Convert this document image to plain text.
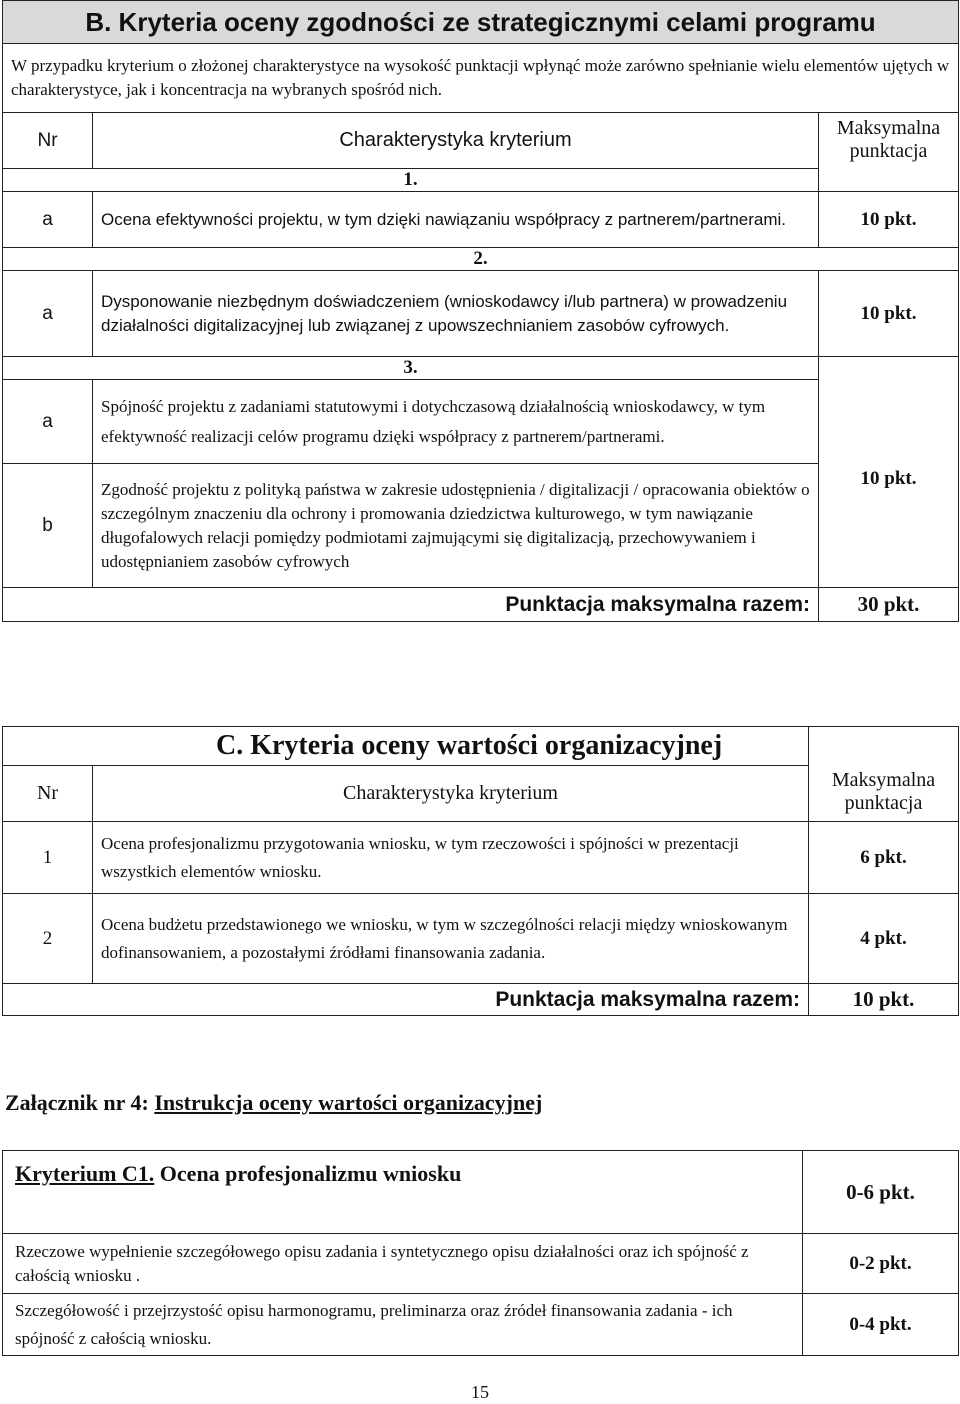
B. Kryteria oceny zgodności ze strategicznymi celami programu		
W przypadku kryterium o złożonej charakterystyce na wysokość punktacji wpłynąć może zarówno spełnianie wielu elementów ujętych w charakterystyce, jak i koncentracja na wybranych spośród nich.		
Nr	Charakterystyka kryterium	Maksymalna punktacja
1.		
a	Ocena efektywności projektu, w tym dzięki nawiązaniu współpracy z partnerem/partnerami.	10 pkt.
2.		
a	Dysponowanie niezbędnym doświadczeniem (wnioskodawcy i/lub partnera) w prowadzeniu działalności digitalizacyjnej lub związanej z upowszechnianiem zasobów cyfrowych.	10 pkt.
3.		10 pkt.
a	Spójność projektu z zadaniami statutowymi i dotychczasową działalnością wnioskodawcy, w tym efektywność realizacji celów programu dzięki współpracy z partnerem/partnerami.	
b	Zgodność projektu z polityką państwa w zakresie udostępnienia / digitalizacji / opracowania obiektów o szczególnym znaczeniu dla ochrony i promowania dziedzictwa kulturowego, w tym nawiązanie długofalowych relacji pomiędzy podmiotami zajmującymi się digitalizacją, przechowywaniem i udostępnianiem zasobów cyfrowych	
Punktacja maksymalna razem:		30 pkt.
C. Kryteria oceny wartości organizacyjnej		Maksymalna punktacja
Nr	Charakterystyka kryterium	
1	Ocena profesjonalizmu przygotowania wniosku, w tym rzeczowości i spójności w prezentacji wszystkich elementów wniosku.	6 pkt.
2	Ocena budżetu przedstawionego we wniosku, w tym w szczególności relacji między wnioskowanym dofinansowaniem, a pozostałymi źródłami finansowania zadania.	4 pkt.
Punktacja maksymalna razem:		10 pkt.
Załącznik nr 4: Instrukcja oceny wartości organizacyjnej
Kryterium C1. Ocena profesjonalizmu wniosku	0-6 pkt.
Rzeczowe wypełnienie szczegółowego opisu zadania i syntetycznego opisu działalności oraz ich spójność z całością wniosku .	0-2 pkt.
Szczegółowość i przejrzystość opisu harmonogramu, preliminarza oraz źródeł finansowania zadania - ich spójność z całością wniosku.	0-4 pkt.
15
